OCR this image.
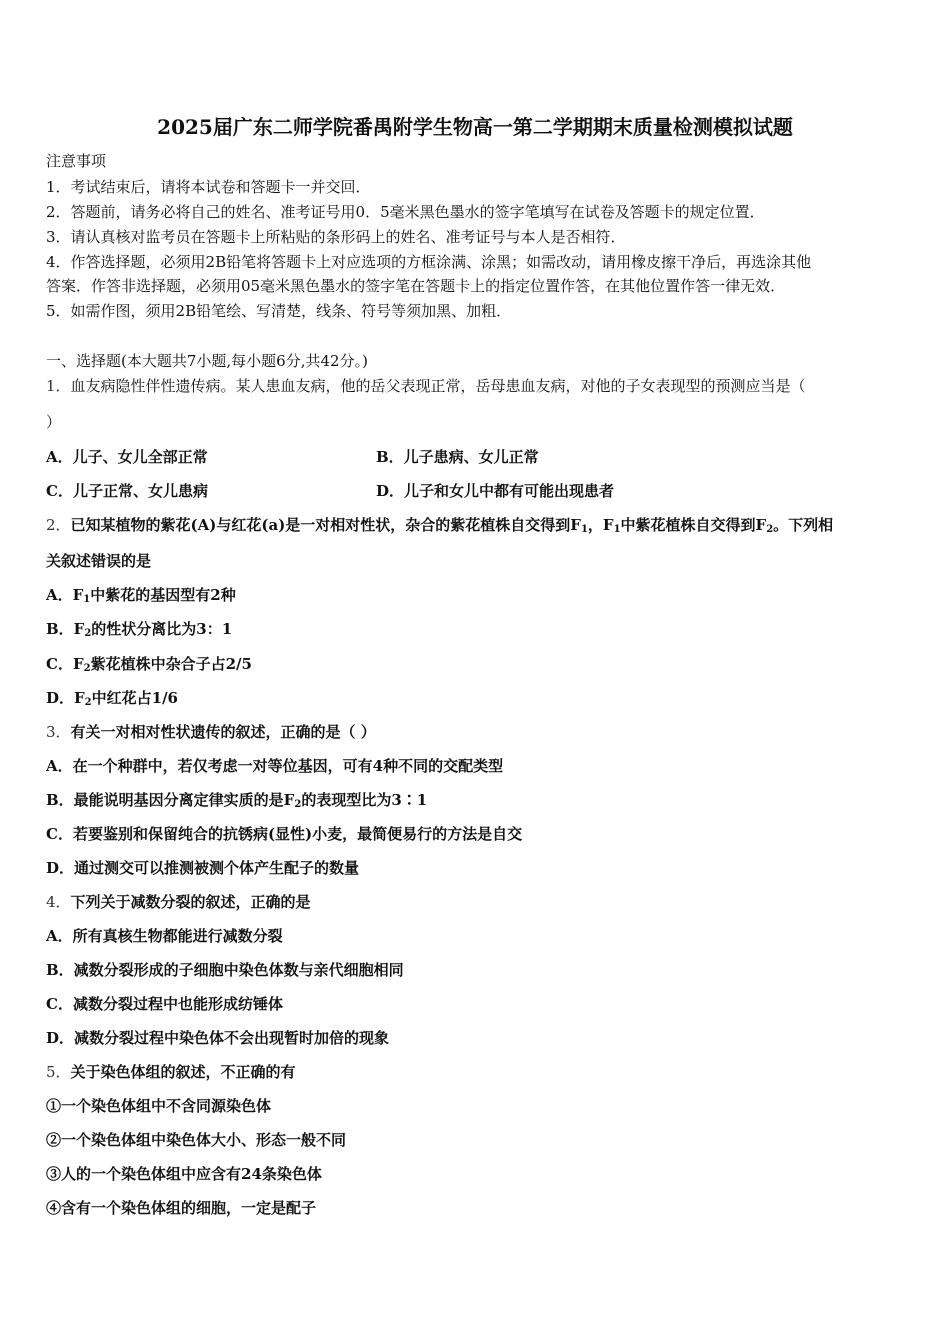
2025届广东二师学院番禺附学生物高一第二学期期末质量检测模拟试题
注意事项
1．考试结束后，请将本试卷和答题卡一并交回．
2．答题前，请务必将自己的姓名、准考证号用0．5毫米黑色墨水的签字笔填写在试卷及答题卡的规定位置．
3．请认真核对监考员在答题卡上所粘贴的条形码上的姓名、准考证号与本人是否相符．
4．作答选择题，必须用2B铅笔将答题卡上对应选项的方框涂满、涂黑；如需改动，请用橡皮擦干净后，再选涂其他
答案．作答非选择题，必须用05毫米黑色墨水的签字笔在答题卡上的指定位置作答，在其他位置作答一律无效．
5．如需作图，须用2B铅笔绘、写清楚，线条、符号等须加黑、加粗．
一、选择题(本大题共7小题,每小题6分,共42分。)
1．血友病隐性伴性遗传病。某人患血友病，他的岳父表现正常，岳母患血友病，对他的子女表现型的预测应当是（
）
A．儿子、女儿全部正常	B．儿子患病、女儿正常
C．儿子正常、女儿患病	D．儿子和女儿中都有可能出现患者
2．已知某植物的紫花(A)与红花(a)是一对相对性状，杂合的紫花植株自交得到$F_1$，$F_1$中紫花植株自交得到$F_2$。下列相
关叙述错误的是
A．$F_1$中紫花的基因型有2种
B．$F_2$的性状分离比为3：1
C．$F_2$紫花植株中杂合子占2/5
D．$F_2$中红花占1/6
3．有关一对相对性状遗传的叙述，正确的是（ ）
A．在一个种群中，若仅考虑一对等位基因，可有4种不同的交配类型
B．最能说明基因分离定律实质的是$F_2$的表现型比为3∶1
C．若要鉴别和保留纯合的抗锈病(显性)小麦，最简便易行的方法是自交
D．通过测交可以推测被测个体产生配子的数量
4．下列关于减数分裂的叙述，正确的是
A．所有真核生物都能进行减数分裂
B．减数分裂形成的子细胞中染色体数与亲代细胞相同
C．减数分裂过程中也能形成纺锤体
D．减数分裂过程中染色体不会出现暂时加倍的现象
5．关于染色体组的叙述，不正确的有
①一个染色体组中不含同源染色体
②一个染色体组中染色体大小、形态一般不同
③人的一个染色体组中应含有24条染色体
④含有一个染色体组的细胞，一定是配子
